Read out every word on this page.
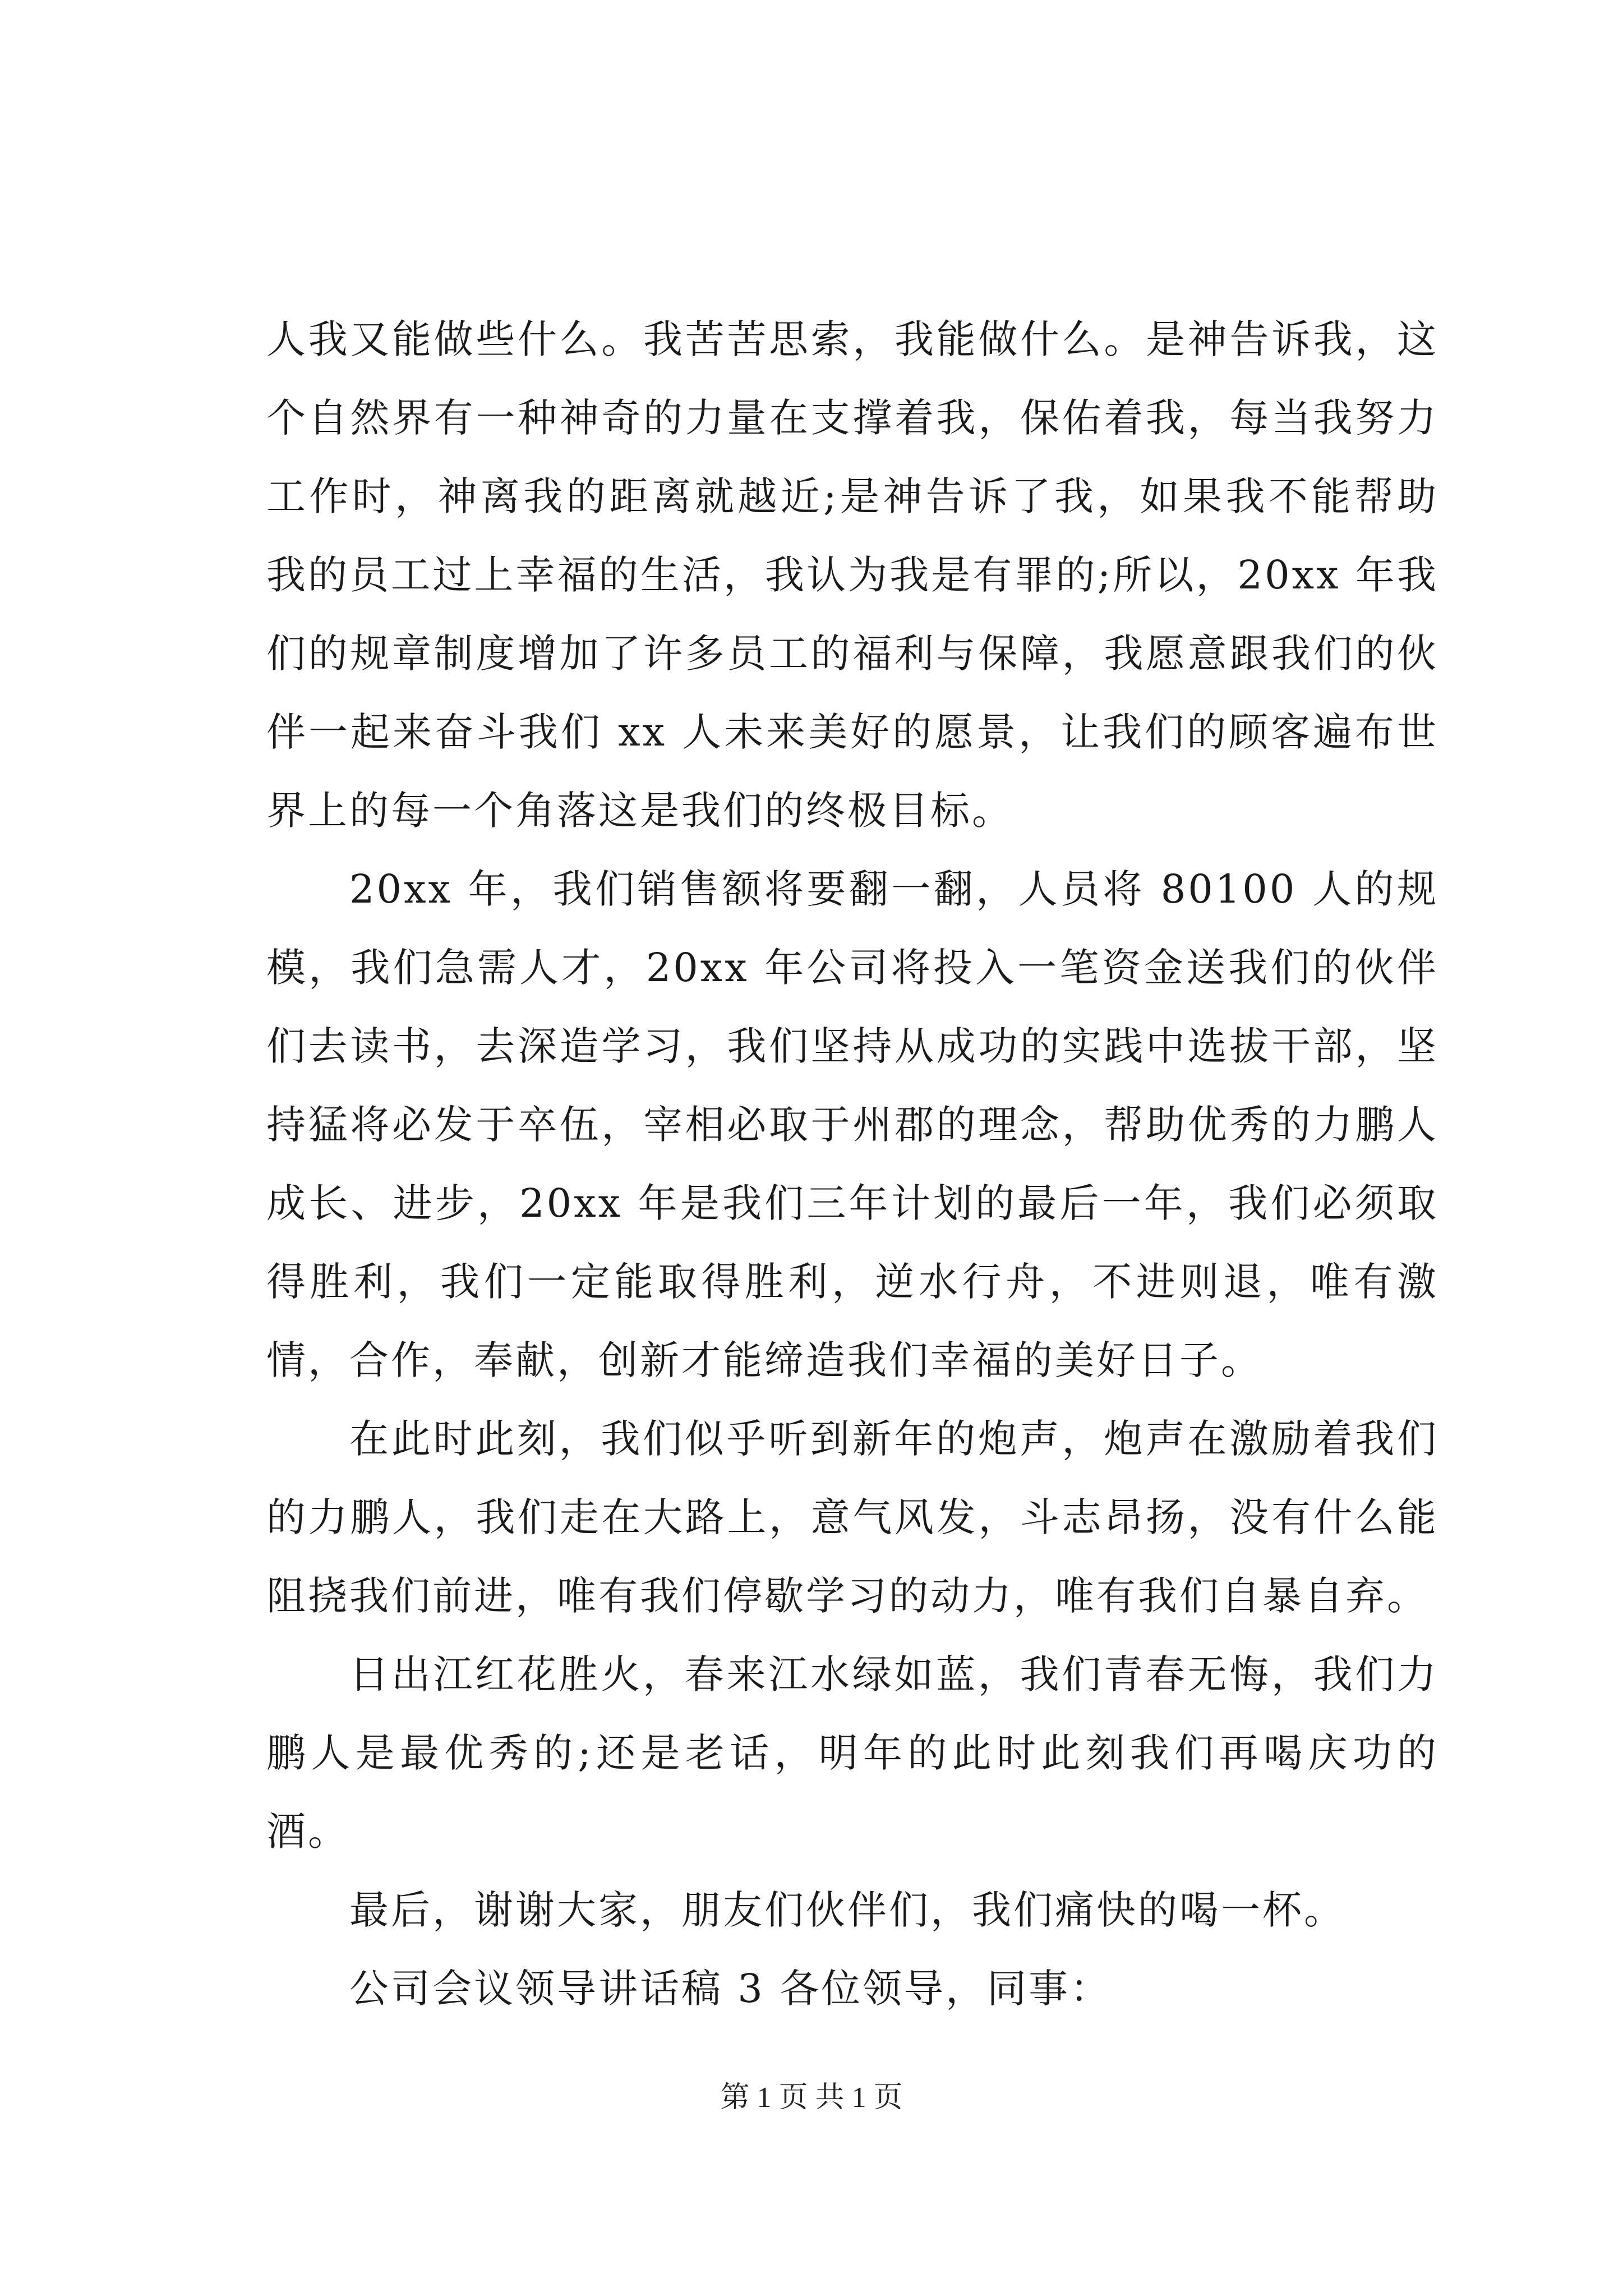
人我又能做些什么。我苦苦思索，我能做什么。是神告诉我，这个自然界有一种神奇的力量在支撑着我，保佑着我，每当我努力工作时，神离我的距离就越近;是神告诉了我，如果我不能帮助我的员工过上幸福的生活，我认为我是有罪的;所以，20xx 年我们的规章制度增加了许多员工的福利与保障，我愿意跟我们的伙伴一起来奋斗我们 xx 人未来美好的愿景，让我们的顾客遍布世界上的每一个角落这是我们的终极目标。

20xx 年，我们销售额将要翻一翻，人员将 80100 人的规模，我们急需人才，20xx 年公司将投入一笔资金送我们的伙伴们去读书，去深造学习，我们坚持从成功的实践中选拔干部，坚持猛将必发于卒伍，宰相必取于州郡的理念，帮助优秀的力鹏人成长、进步，20xx 年是我们三年计划的最后一年，我们必须取得胜利，我们一定能取得胜利，逆水行舟，不进则退，唯有激情，合作，奉献，创新才能缔造我们幸福的美好日子。

在此时此刻，我们似乎听到新年的炮声，炮声在激励着我们的力鹏人，我们走在大路上，意气风发，斗志昂扬，没有什么能阻挠我们前进，唯有我们停歇学习的动力，唯有我们自暴自弃。

日出江红花胜火，春来江水绿如蓝，我们青春无悔，我们力鹏人是最优秀的;还是老话，明年的此时此刻我们再喝庆功的酒。

最后，谢谢大家，朋友们伙伴们，我们痛快的喝一杯。

公司会议领导讲话稿 3 各位领导，同事：

第 1 页 共 1 页
